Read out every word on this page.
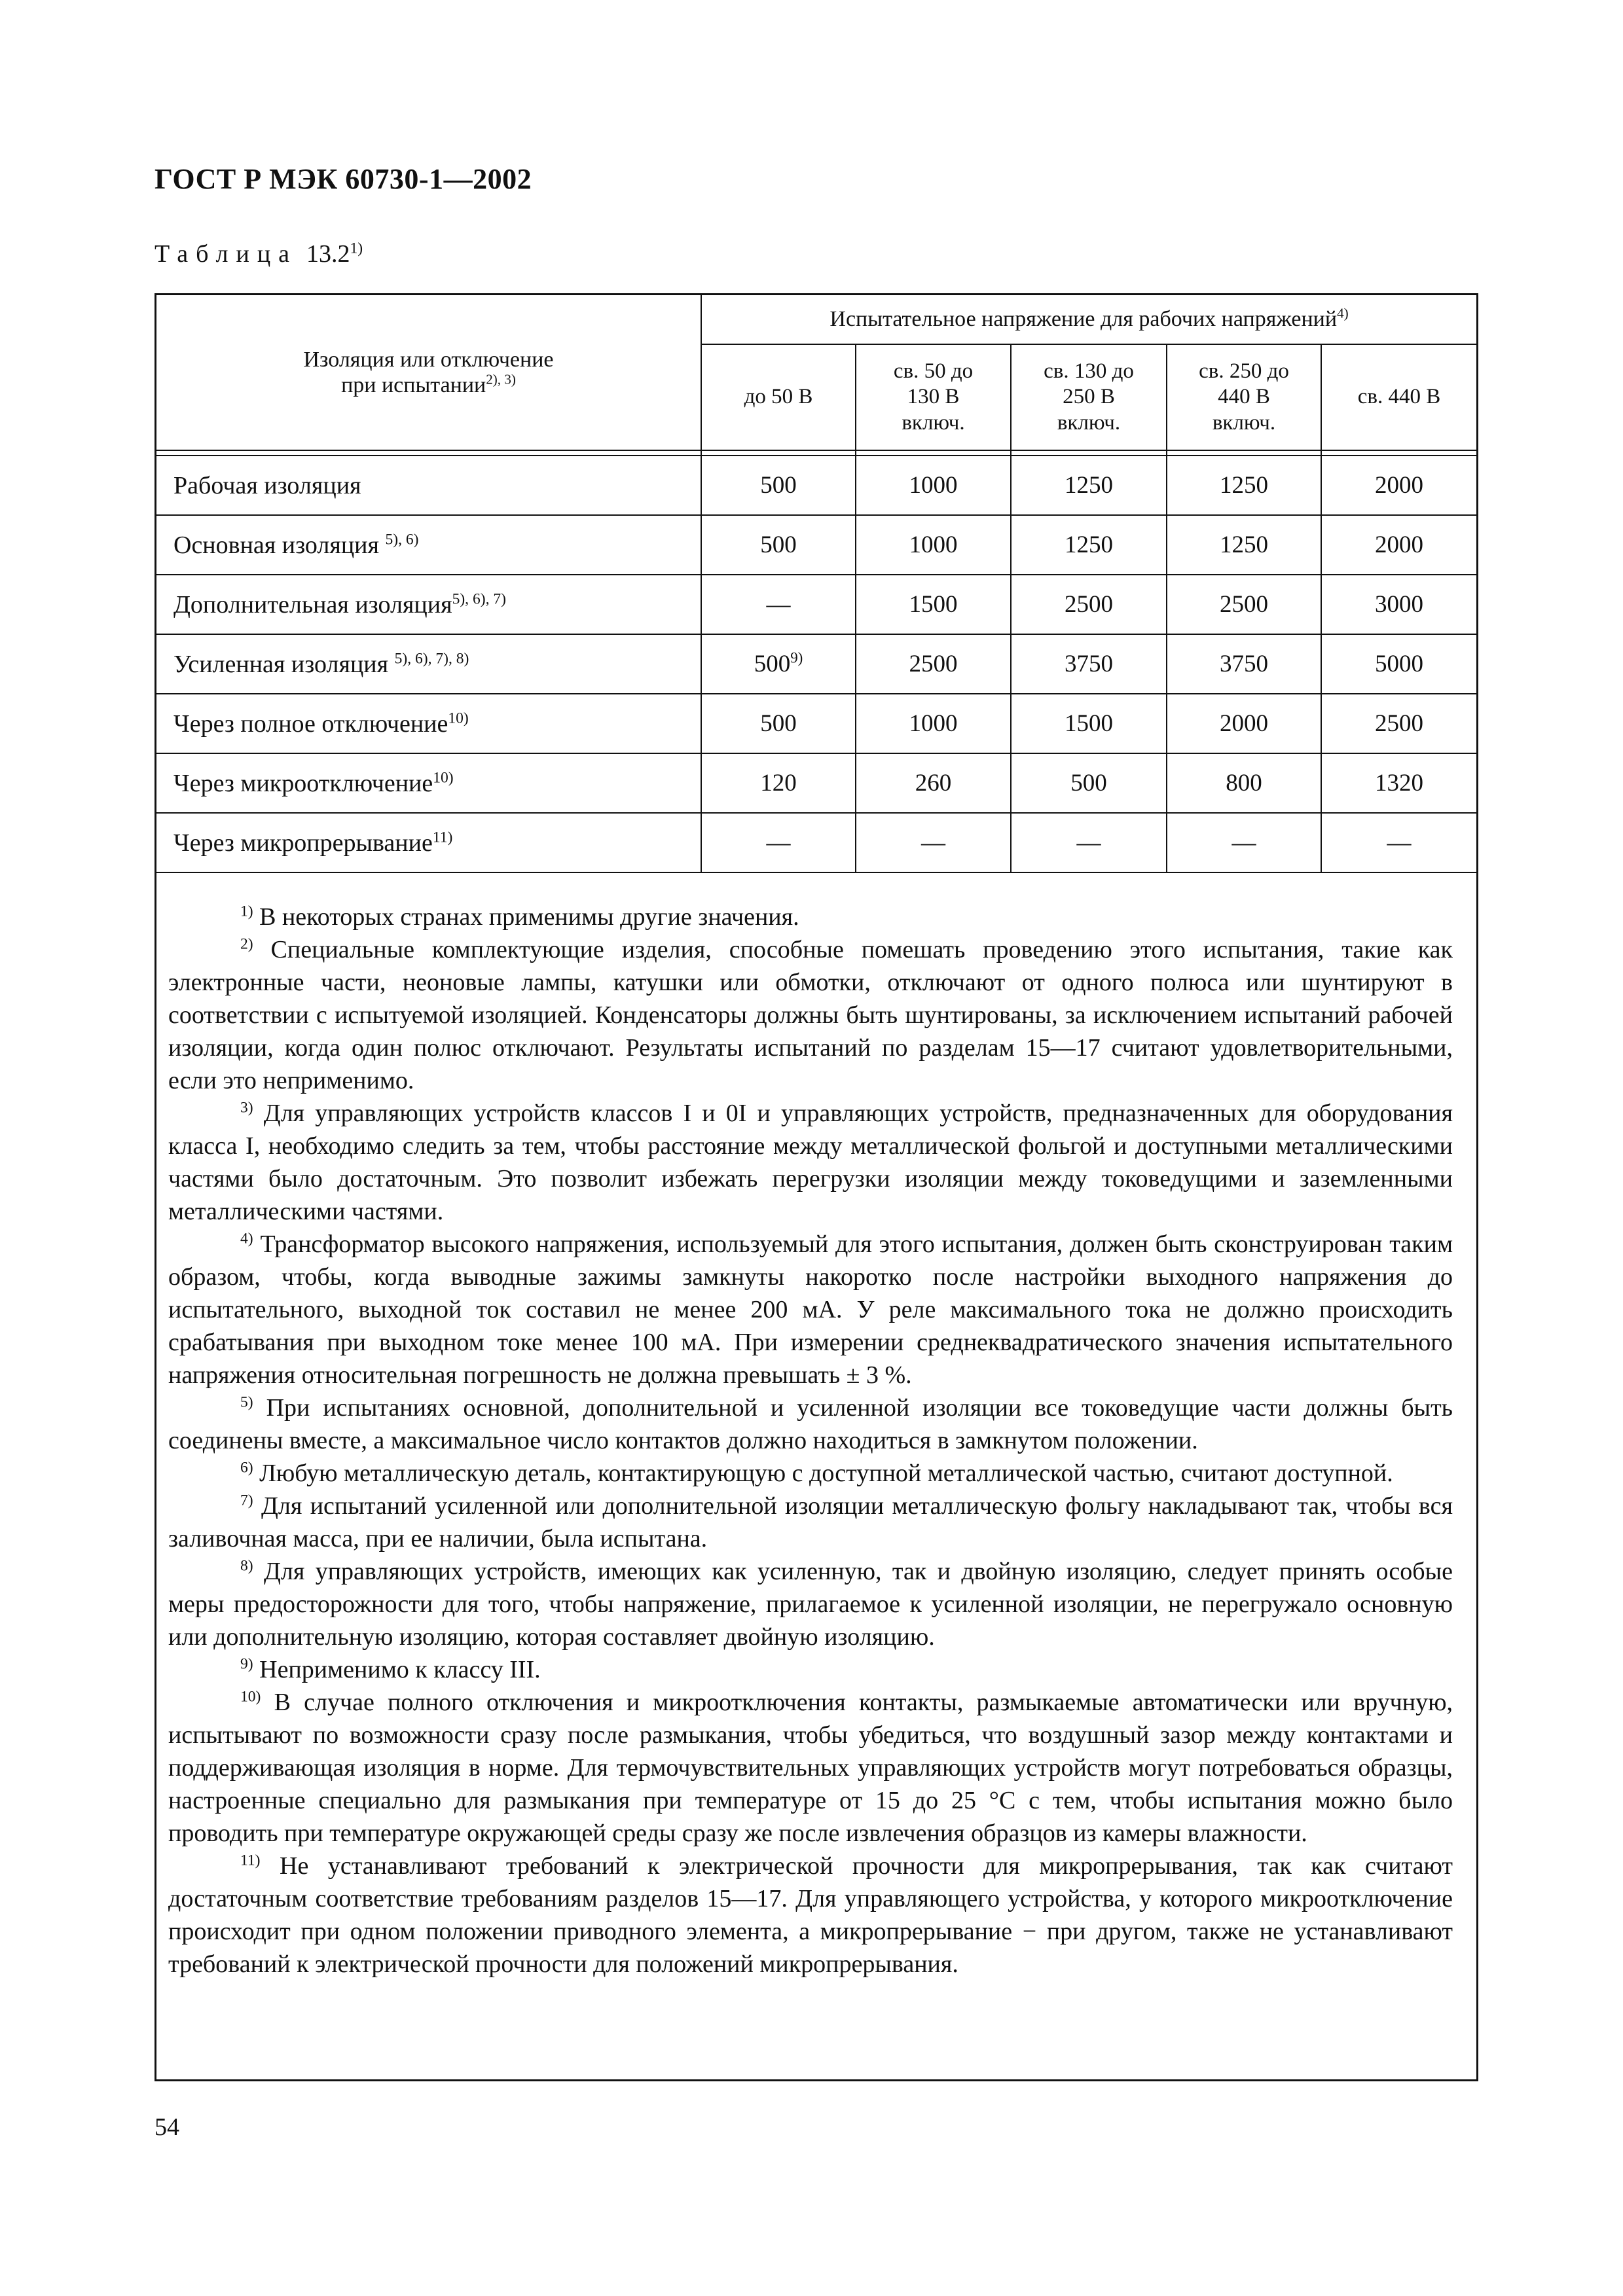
ГОСТ Р МЭК 60730-1—2002
Таблица 13.2$^{1)}$
Изоляция или отключение
при испытании$^{2), 3)}$	Испытательное напряжение для рабочих напряжений$^{4)}$
	до 50 В	св. 50 до
130 В
включ.	св. 130 до
250 В
включ.	св. 250 до
440 В
включ.	св. 440 В

Рабочая изоляция	500	1000	1250	1250	2000
Основная изоляция $^{5), 6)}$	500	1000	1250	1250	2000
Дополнительная изоляция$^{5), 6), 7)}$	—	1500	2500	2500	3000
Усиленная изоляция $^{5), 6), 7), 8)}$	500$^{9)}$	2500	3750	3750	5000
Через полное отключение$^{10)}$	500	1000	1500	2000	2500
Через микроотключение$^{10)}$	120	260	500	800	1320
Через микропрерывание$^{11)}$	—	—	—	—	—

$^{1)}$ В некоторых странах применимы другие значения.

$^{2)}$ Специальные комплектующие изделия, способные помешать проведению этого испытания, такие как электронные части, неоновые лампы, катушки или обмотки, отключают от одного полюса или шунтируют в соответствии с испытуемой изоляцией. Конденсаторы должны быть шунтированы, за исключением испытаний рабочей изоляции, когда один полюс отключают. Результаты испытаний по разделам 15—17 считают удовлетворительными, если это неприменимо.

$^{3)}$ Для управляющих устройств классов I и 0I и управляющих устройств, предназначенных для оборудования класса I, необходимо следить за тем, чтобы расстояние между металлической фольгой и доступными металлическими частями было достаточным. Это позволит избежать перегрузки изоляции между токоведущими и заземленными металлическими частями.

$^{4)}$ Трансформатор высокого напряжения, используемый для этого испытания, должен быть сконструирован таким образом, чтобы, когда выводные зажимы замкнуты накоротко после настройки выходного напряжения до испытательного, выходной ток составил не менее 200 мА. У реле максимального тока не должно происходить срабатывания при выходном токе менее 100 мА. При измерении среднеквадратического значения испытательного напряжения относительная погрешность не должна превышать ± 3 %.

$^{5)}$ При испытаниях основной, дополнительной и усиленной изоляции все токоведущие части должны быть соединены вместе, а максимальное число контактов должно находиться в замкнутом положении.

$^{6)}$ Любую металлическую деталь, контактирующую с доступной металлической частью, считают доступной.

$^{7)}$ Для испытаний усиленной или дополнительной изоляции металлическую фольгу накладывают так, чтобы вся заливочная масса, при ее наличии, была испытана.

$^{8)}$ Для управляющих устройств, имеющих как усиленную, так и двойную изоляцию, следует принять особые меры предосторожности для того, чтобы напряжение, прилагаемое к усиленной изоляции, не перегружало основную или дополнительную изоляцию, которая составляет двойную изоляцию.

$^{9)}$ Неприменимо к классу III.

$^{10)}$ В случае полного отключения и микроотключения контакты, размыкаемые автоматически или вручную, испытывают по возможности сразу после размыкания, чтобы убедиться, что воздушный зазор между контактами и поддерживающая изоляция в норме. Для термочувствительных управляющих устройств могут потребоваться образцы, настроенные специально для размыкания при температуре от 15 до 25 °С с тем, чтобы испытания можно было проводить при температуре окружающей среды сразу же после извлечения образцов из камеры влажности.

$^{11)}$ Не устанавливают требований к электрической прочности для микропрерывания, так как считают достаточным соответствие требованиям разделов 15—17. Для управляющего устройства, у которого микроотключение происходит при одном положении приводного элемента, а микропрерывание − при другом, также не устанавливают требований к электрической прочности для положений микропрерывания.

54
